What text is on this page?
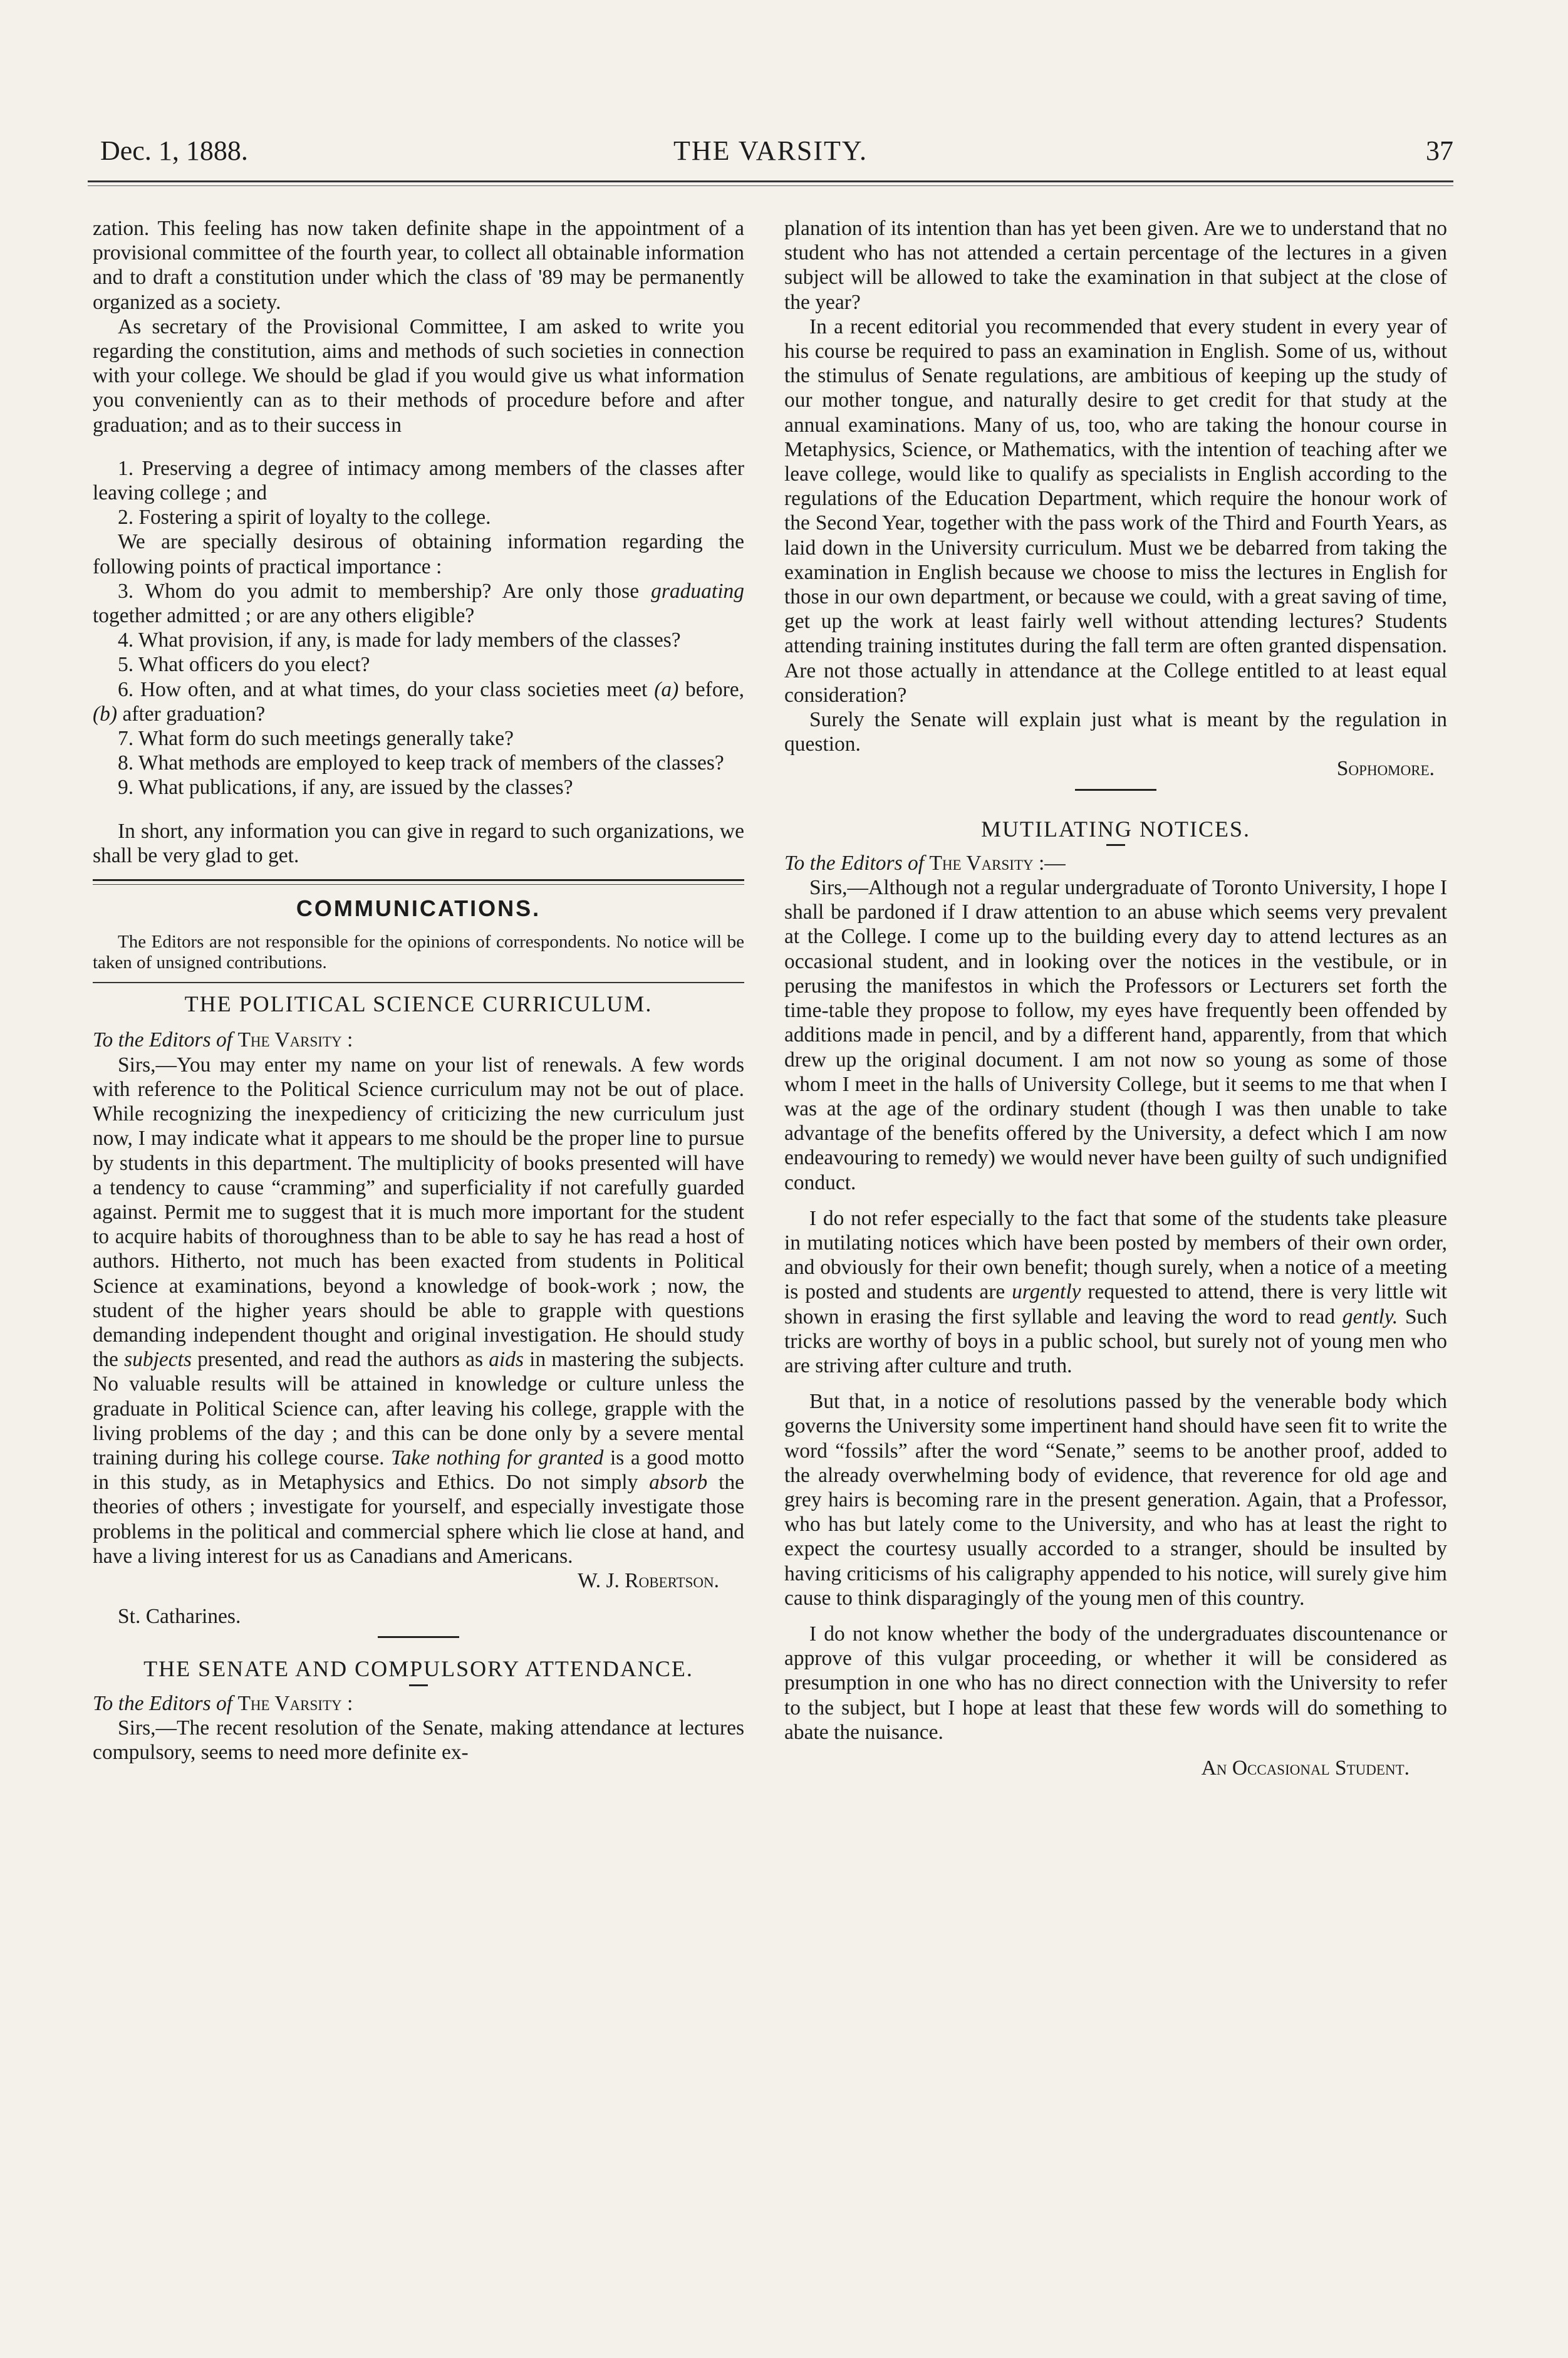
Dec. 1, 1888.	THE VARSITY.	37

zation. This feeling has now taken definite shape in the appointment of a provisional committee of the fourth year, to collect all obtainable information and to draft a constitution under which the class of '89 may be permanently organized as a society.

As secretary of the Provisional Committee, I am asked to write you regarding the constitution, aims and methods of such societies in connection with your college. We should be glad if you would give us what information you conveniently can as to their methods of procedure before and after graduation; and as to their success in

1. Preserving a degree of intimacy among members of the classes after leaving college ; and

2. Fostering a spirit of loyalty to the college.

We are specially desirous of obtaining information regarding the following points of practical importance :

3. Whom do you admit to membership? Are only those graduating together admitted ; or are any others eligible?

4. What provision, if any, is made for lady members of the classes?

5. What officers do you elect?

6. How often, and at what times, do your class societies meet (a) before, (b) after graduation?

7. What form do such meetings generally take?

8. What methods are employed to keep track of members of the classes?

9. What publications, if any, are issued by the classes?

In short, any information you can give in regard to such organizations, we shall be very glad to get.

COMMUNICATIONS.

The Editors are not responsible for the opinions of correspondents. No notice will be taken of unsigned contributions.

THE POLITICAL SCIENCE CURRICULUM.

To the Editors of The Varsity :

Sirs,—You may enter my name on your list of renewals. A few words with reference to the Political Science curriculum may not be out of place. While recognizing the inexpediency of criticizing the new curriculum just now, I may indicate what it appears to me should be the proper line to pursue by students in this department. The multiplicity of books presented will have a tendency to cause “cramming” and superficiality if not carefully guarded against. Permit me to suggest that it is much more important for the student to acquire habits of thoroughness than to be able to say he has read a host of authors. Hitherto, not much has been exacted from students in Political Science at examinations, beyond a knowledge of book-work ; now, the student of the higher years should be able to grapple with questions demanding independent thought and original investigation. He should study the subjects presented, and read the authors as aids in mastering the subjects. No valuable results will be attained in knowledge or culture unless the graduate in Political Science can, after leaving his college, grapple with the living problems of the day ; and this can be done only by a severe mental training during his college course. Take nothing for granted is a good motto in this study, as in Metaphysics and Ethics. Do not simply absorb the theories of others ; investigate for yourself, and especially investigate those problems in the political and commercial sphere which lie close at hand, and have a living interest for us as Canadians and Americans.

W. J. Robertson.

St. Catharines.

THE SENATE AND COMPULSORY ATTENDANCE.

To the Editors of The Varsity :

Sirs,—The recent resolution of the Senate, making attendance at lectures compulsory, seems to need more definite ex-

planation of its intention than has yet been given. Are we to understand that no student who has not attended a certain percentage of the lectures in a given subject will be allowed to take the examination in that subject at the close of the year?

In a recent editorial you recommended that every student in every year of his course be required to pass an examination in English. Some of us, without the stimulus of Senate regulations, are ambitious of keeping up the study of our mother tongue, and naturally desire to get credit for that study at the annual examinations. Many of us, too, who are taking the honour course in Metaphysics, Science, or Mathematics, with the intention of teaching after we leave college, would like to qualify as specialists in English according to the regulations of the Education Department, which require the honour work of the Second Year, together with the pass work of the Third and Fourth Years, as laid down in the University curriculum. Must we be debarred from taking the examination in English because we choose to miss the lectures in English for those in our own department, or because we could, with a great saving of time, get up the work at least fairly well without attending lectures? Students attending training institutes during the fall term are often granted dispensation. Are not those actually in attendance at the College entitled to at least equal consideration?

Surely the Senate will explain just what is meant by the regulation in question.

Sophomore.

MUTILATING NOTICES.

To the Editors of The Varsity :—

Sirs,—Although not a regular undergraduate of Toronto University, I hope I shall be pardoned if I draw attention to an abuse which seems very prevalent at the College. I come up to the building every day to attend lectures as an occasional student, and in looking over the notices in the vestibule, or in perusing the manifestos in which the Professors or Lecturers set forth the time-table they propose to follow, my eyes have frequently been offended by additions made in pencil, and by a different hand, apparently, from that which drew up the original document. I am not now so young as some of those whom I meet in the halls of University College, but it seems to me that when I was at the age of the ordinary student (though I was then unable to take advantage of the benefits offered by the University, a defect which I am now endeavouring to remedy) we would never have been guilty of such undignified conduct.

I do not refer especially to the fact that some of the students take pleasure in mutilating notices which have been posted by members of their own order, and obviously for their own benefit; though surely, when a notice of a meeting is posted and students are urgently requested to attend, there is very little wit shown in erasing the first syllable and leaving the word to read gently. Such tricks are worthy of boys in a public school, but surely not of young men who are striving after culture and truth.

But that, in a notice of resolutions passed by the venerable body which governs the University some impertinent hand should have seen fit to write the word “fossils” after the word “Senate,” seems to be another proof, added to the already overwhelming body of evidence, that reverence for old age and grey hairs is becoming rare in the present generation. Again, that a Professor, who has but lately come to the University, and who has at least the right to expect the courtesy usually accorded to a stranger, should be insulted by having criticisms of his caligraphy appended to his notice, will surely give him cause to think disparagingly of the young men of this country.

I do not know whether the body of the undergraduates discountenance or approve of this vulgar proceeding, or whether it will be considered as presumption in one who has no direct connection with the University to refer to the subject, but I hope at least that these few words will do something to abate the nuisance.

An Occasional Student.
